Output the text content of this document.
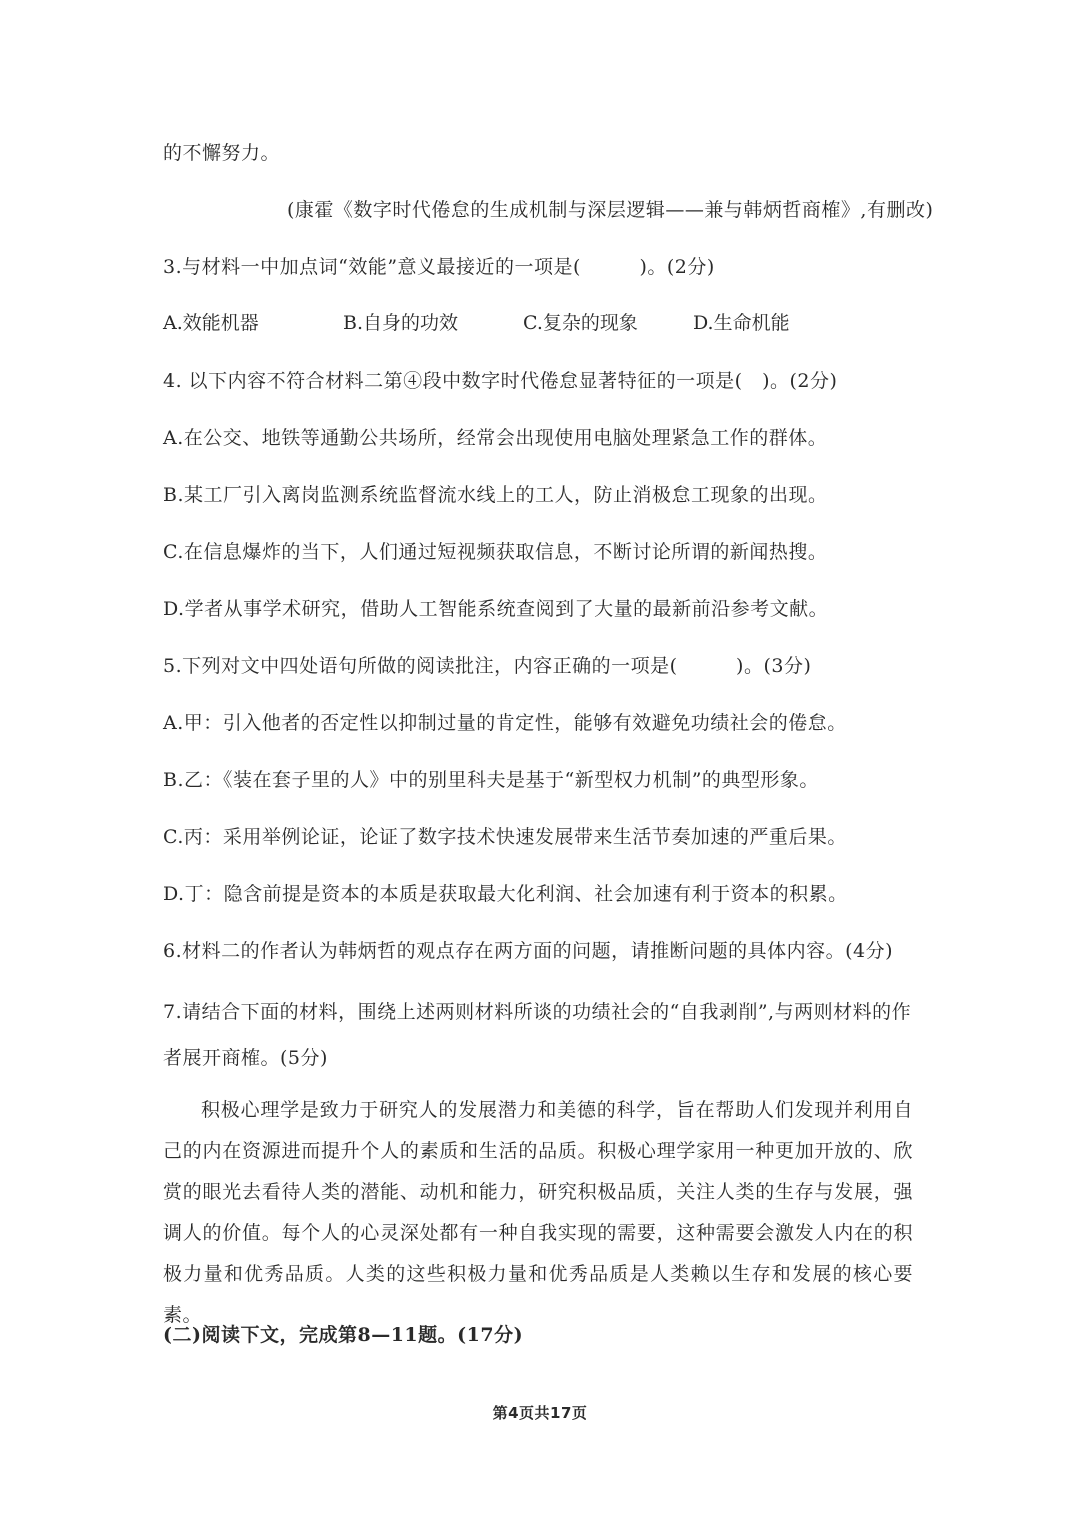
的不懈努力。
(康霍《数字时代倦怠的生成机制与深层逻辑——兼与韩炳哲商榷》,有删改)
3.与材料一中加点词“效能”意义最接近的一项是(　　　)。(2分)
A.效能机器	B.自身的功效	C.复杂的现象	D.生命机能
4. 以下内容不符合材料二第④段中数字时代倦怠显著特征的一项是(　)。(2分)
A.在公交、地铁等通勤公共场所，经常会出现使用电脑处理紧急工作的群体。
B.某工厂引入离岗监测系统监督流水线上的工人，防止消极怠工现象的出现。
C.在信息爆炸的当下，人们通过短视频获取信息，不断讨论所谓的新闻热搜。
D.学者从事学术研究，借助人工智能系统查阅到了大量的最新前沿参考文献。
5.下列对文中四处语句所做的阅读批注，内容正确的一项是(　　　)。(3分)
A.甲：引入他者的否定性以抑制过量的肯定性，能够有效避免功绩社会的倦怠。
B.乙：《装在套子里的人》中的别里科夫是基于“新型权力机制”的典型形象。
C.丙：采用举例论证，论证了数字技术快速发展带来生活节奏加速的严重后果。
D.丁：隐含前提是资本的本质是获取最大化利润、社会加速有利于资本的积累。
6.材料二的作者认为韩炳哲的观点存在两方面的问题，请推断问题的具体内容。(4分)
7.请结合下面的材料，围绕上述两则材料所谈的功绩社会的“自我剥削”,与两则材料的作者展开商榷。(5分)
积极心理学是致力于研究人的发展潜力和美德的科学，旨在帮助人们发现并利用自己的内在资源进而提升个人的素质和生活的品质。积极心理学家用一种更加开放的、欣赏的眼光去看待人类的潜能、动机和能力，研究积极品质，关注人类的生存与发展，强调人的价值。每个人的心灵深处都有一种自我实现的需要，这种需要会激发人内在的积极力量和优秀品质。人类的这些积极力量和优秀品质是人类赖以生存和发展的核心要素。
(二)阅读下文，完成第8—11题。(17分)
第4页共17页
